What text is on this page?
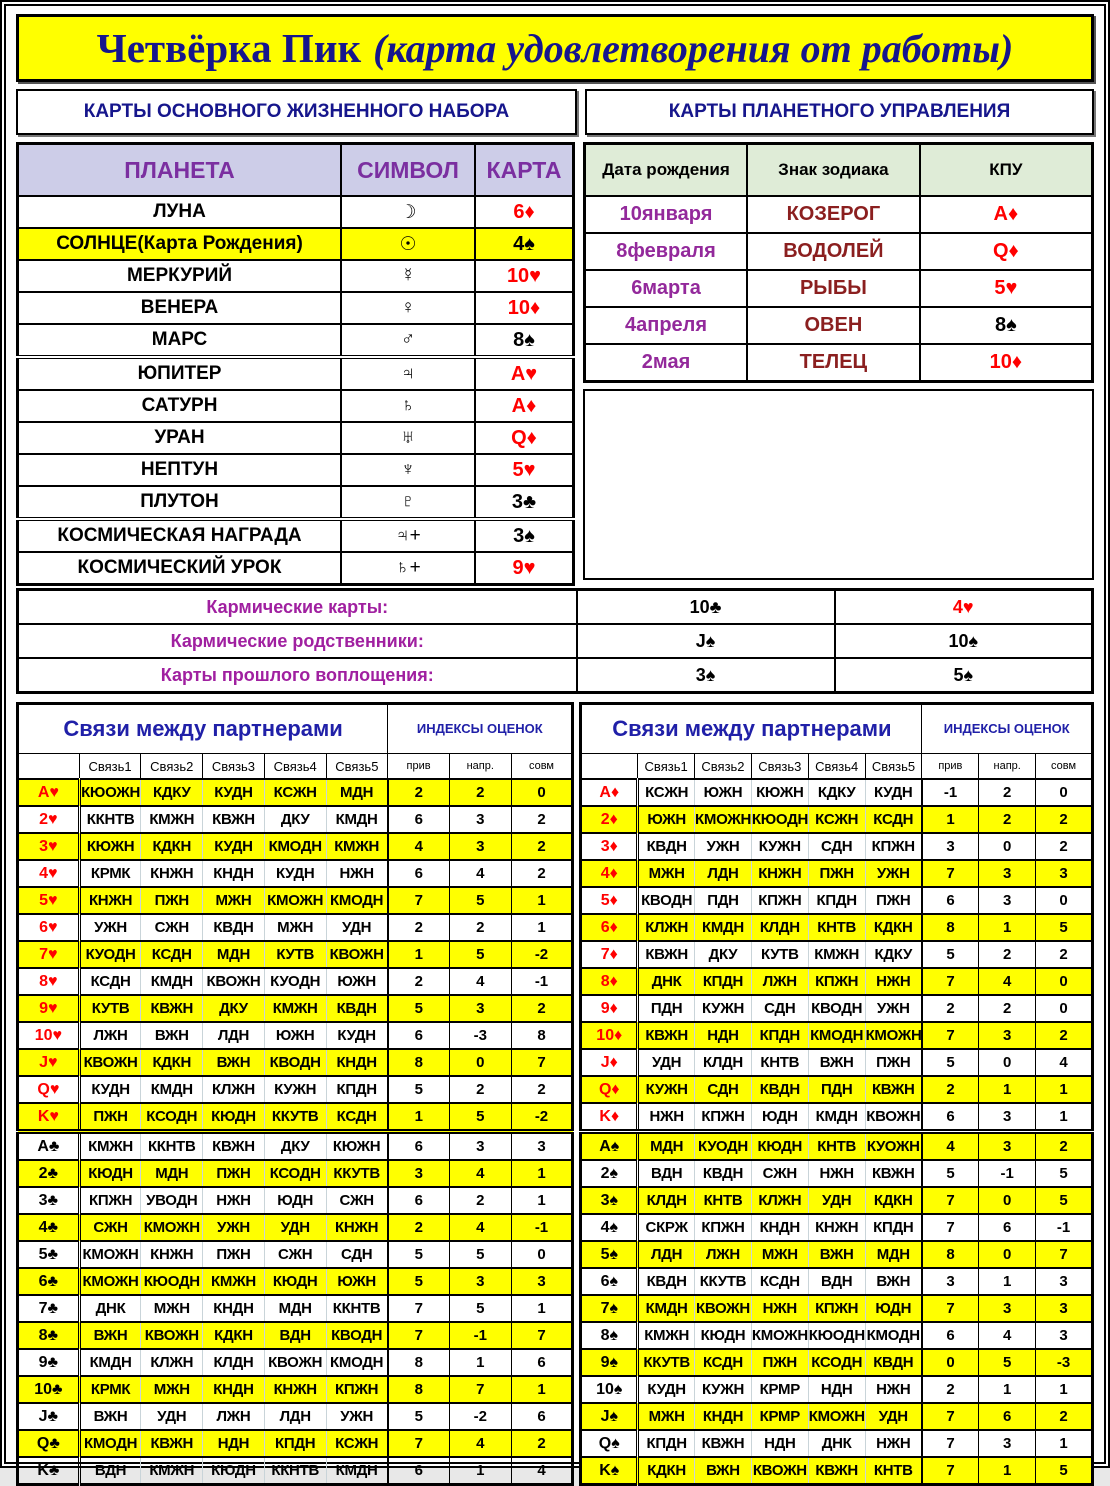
Четвёрка Пик (карта удовлетворения от работы)
КАРТЫ ОСНОВНОГО ЖИЗНЕННОГО НАБОРА	КАРТЫ ПЛАНЕТНОГО УПРАВЛЕНИЯ
ПЛАНЕТА	СИМВОЛ	КАРТА
ЛУНА	☽	6♦
СОЛНЦЕ(Карта Рождения)	☉	4♠
МЕРКУРИЙ	☿	10♥
ВЕНЕРА	♀	10♦
МАРС	♂	8♠
ЮПИТЕР	♃	А♥
САТУРН	♄	А♦
УРАН	♅	Q♦
НЕПТУН	♆	5♥
ПЛУТОН	♇	3♣
КОСМИЧЕСКАЯ НАГРАДА	♃+	3♠
КОСМИЧЕСКИЙ УРОК	♄+	9♥
Дата рождения	Знак зодиака	КПУ
10января	КОЗЕРОГ	А♦
8февраля	ВОДОЛЕЙ	Q♦
6марта	РЫБЫ	5♥
4апреля	ОВЕН	8♠
2мая	ТЕЛЕЦ	10♦
Кармические карты:	10♣	4♥
Кармические родственники:	J♠	10♠
Карты прошлого воплощения:	3♠	5♠
Связи между партнерами						ИНДЕКСЫ ОЦЕНОК		
	Связь1	Связь2	Связь3	Связь4	Связь5	прив	напр.	совм
А♥	КЮОЖН	КДКУ	КУДН	КСЖН	МДН	2	2	0
2♥	ККНТВ	КМЖН	КВЖН	ДКУ	КМДН	6	3	2
3♥	КЮЖН	КДКН	КУДН	КМОДН	КМЖН	4	3	2
4♥	КРМК	КНЖН	КНДН	КУДН	НЖН	6	4	2
5♥	КНЖН	ПЖН	МЖН	КМОЖН	КМОДН	7	5	1
6♥	УЖН	СЖН	КВДН	МЖН	УДН	2	2	1
7♥	КУОДН	КСДН	МДН	КУТВ	КВОЖН	1	5	-2
8♥	КСДН	КМДН	КВОЖН	КУОДН	ЮЖН	2	4	-1
9♥	КУТВ	КВЖН	ДКУ	КМЖН	КВДН	5	3	2
10♥	ЛЖН	ВЖН	ЛДН	ЮЖН	КУДН	6	-3	8
J♥	КВОЖН	КДКН	ВЖН	КВОДН	КНДН	8	0	7
Q♥	КУДН	КМДН	КЛЖН	КУЖН	КПДН	5	2	2
K♥	ПЖН	КСОДН	КЮДН	ККУТВ	КСДН	1	5	-2
А♣	КМЖН	ККНТВ	КВЖН	ДКУ	КЮЖН	6	3	3
2♣	КЮДН	МДН	ПЖН	КСОДН	ККУТВ	3	4	1
3♣	КПЖН	УВОДН	НЖН	ЮДН	СЖН	6	2	1
4♣	СЖН	КМОЖН	УЖН	УДН	КНЖН	2	4	-1
5♣	КМОЖН	КНЖН	ПЖН	СЖН	СДН	5	5	0
6♣	КМОЖН	КЮОДН	КМЖН	КЮДН	ЮЖН	5	3	3
7♣	ДНК	МЖН	КНДН	МДН	ККНТВ	7	5	1
8♣	ВЖН	КВОЖН	КДКН	ВДН	КВОДН	7	-1	7
9♣	КМДН	КЛЖН	КЛДН	КВОЖН	КМОДН	8	1	6
10♣	КРМК	МЖН	КНДН	КНЖН	КПЖН	8	7	1
J♣	ВЖН	УДН	ЛЖН	ЛДН	УЖН	5	-2	6
Q♣	КМОДН	КВЖН	НДН	КПДН	КСЖН	7	4	2
K♣	ВДН	КМЖН	КЮДН	ККНТВ	КМДН	6	1	4
Связи между партнерами						ИНДЕКСЫ ОЦЕНОК		
	Связь1	Связь2	Связь3	Связь4	Связь5	прив	напр.	совм
А♦	КСЖН	ЮЖН	КЮЖН	КДКУ	КУДН	-1	2	0
2♦	ЮЖН	КМОЖН	КЮОДН	КСЖН	КСДН	1	2	2
3♦	КВДН	УЖН	КУЖН	СДН	КПЖН	3	0	2
4♦	МЖН	ЛДН	КНЖН	ПЖН	УЖН	7	3	3
5♦	КВОДН	ПДН	КПЖН	КПДН	ПЖН	6	3	0
6♦	КЛЖН	КМДН	КЛДН	КНТВ	КДКН	8	1	5
7♦	КВЖН	ДКУ	КУТВ	КМЖН	КДКУ	5	2	2
8♦	ДНК	КПДН	ЛЖН	КПЖН	НЖН	7	4	0
9♦	ПДН	КУЖН	СДН	КВОДН	УЖН	2	2	0
10♦	КВЖН	НДН	КПДН	КМОДН	КМОЖН	7	3	2
J♦	УДН	КЛДН	КНТВ	ВЖН	ПЖН	5	0	4
Q♦	КУЖН	СДН	КВДН	ПДН	КВЖН	2	1	1
K♦	НЖН	КПЖН	ЮДН	КМДН	КВОЖН	6	3	1
А♠	МДН	КУОДН	КЮДН	КНТВ	КУОЖН	4	3	2
2♠	ВДН	КВДН	СЖН	НЖН	КВЖН	5	-1	5
3♠	КЛДН	КНТВ	КЛЖН	УДН	КДКН	7	0	5
4♠	СКРЖ	КПЖН	КНДН	КНЖН	КПДН	7	6	-1
5♠	ЛДН	ЛЖН	МЖН	ВЖН	МДН	8	0	7
6♠	КВДН	ККУТВ	КСДН	ВДН	ВЖН	3	1	3
7♠	КМДН	КВОЖН	НЖН	КПЖН	ЮДН	7	3	3
8♠	КМЖН	КЮДН	КМОЖН	КЮОДН	КМОДН	6	4	3
9♠	ККУТВ	КСДН	ПЖН	КСОДН	КВДН	0	5	-3
10♠	КУДН	КУЖН	КРМР	НДН	НЖН	2	1	1
J♠	МЖН	КНДН	КРМР	КМОЖН	УДН	7	6	2
Q♠	КПДН	КВЖН	НДН	ДНК	НЖН	7	3	1
K♠	КДКН	ВЖН	КВОЖН	КВЖН	КНТВ	7	1	5
